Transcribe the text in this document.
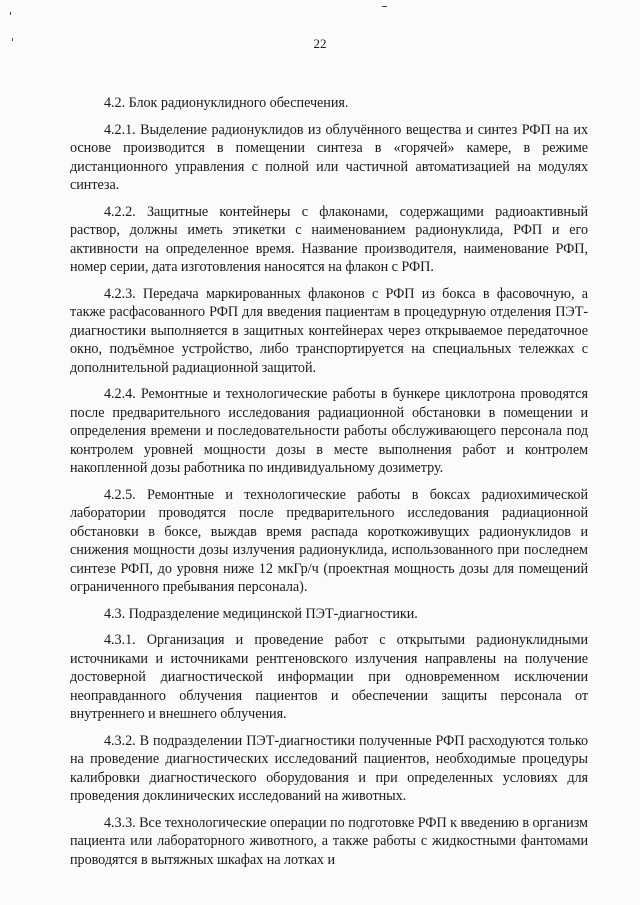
22

4.2. Блок радионуклидного обеспечения.

4.2.1. Выделение радионуклидов из облучённого вещества и синтез РФП на их основе производится в помещении синтеза в «горячей» камере, в режиме дистанционного управления с полной или частичной автоматизацией на модулях синтеза.

4.2.2. Защитные контейнеры с флаконами, содержащими радиоактивный раствор, должны иметь этикетки с наименованием радионуклида, РФП и его активности на определенное время. Название производителя, наименование РФП, номер серии, дата изготовления наносятся на флакон с РФП.

4.2.3. Передача маркированных флаконов с РФП из бокса в фасовочную, а также расфасованного РФП для введения пациентам в процедурную отделения ПЭТ-диагностики выполняется в защитных контейнерах через открываемое передаточное окно, подъёмное устройство, либо транспортируется на специальных тележках с дополнительной радиационной защитой.

4.2.4. Ремонтные и технологические работы в бункере циклотрона проводятся после предварительного исследования радиационной обстановки в помещении и определения времени и последовательности работы обслуживающего персонала под контролем уровней мощности дозы в месте выполнения работ и контролем накопленной дозы работника по индивидуальному дозиметру.

4.2.5. Ремонтные и технологические работы в боксах радиохимической лаборатории проводятся после предварительного исследования радиационной обстановки в боксе, выждав время распада короткоживущих радионуклидов и снижения мощности дозы излучения радионуклида, использованного при последнем синтезе РФП, до уровня ниже 12 мкГр/ч (проектная мощность дозы для помещений ограниченного пребывания персонала).

4.3. Подразделение медицинской ПЭТ-диагностики.

4.3.1. Организация и проведение работ с открытыми радионуклидными источниками и источниками рентгеновского излучения направлены на получение достоверной диагностической информации при одновременном исключении неоправданного облучения пациентов и обеспечении защиты персонала от внутреннего и внешнего облучения.

4.3.2. В подразделении ПЭТ-диагностики полученные РФП расходуются только на проведение диагностических исследований пациентов, необходимые процедуры калибровки диагностического оборудования и при определенных условиях для проведения доклинических исследований на животных.

4.3.3. Все технологические операции по подготовке РФП к введению в организм пациента или лабораторного животного, а также работы с жидкостными фантомами проводятся в вытяжных шкафах на лотках и
